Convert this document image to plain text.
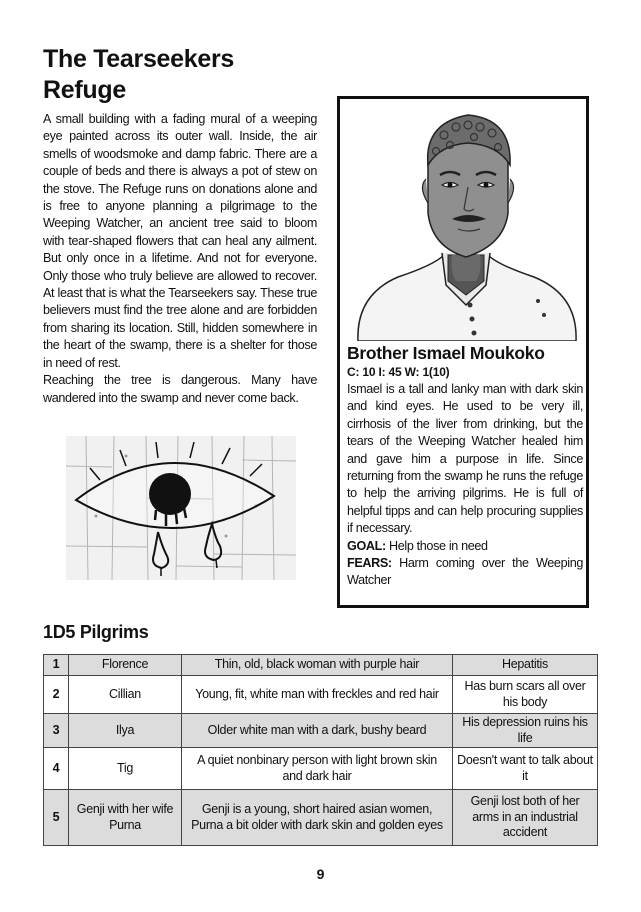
The Tearseekers
Refuge

A small building with a fading mural of a weeping eye painted across its outer wall. Inside, the air smells of woodsmoke and damp fabric. There are a couple of beds and there is always a pot of stew on the stove. The Refuge runs on donations alone and is free to anyone planning a pilgrimage to the Weeping Watcher, an ancient tree said to bloom with tear-shaped flowers that can heal any ailment. But only once in a lifetime. And not for everyone. Only those who truly believe are allowed to recover. At least that is what the Tearseekers say. These true believers must find the tree alone and are forbidden from sharing its location. Still, hidden somewhere in the heart of the swamp, there is a shelter for those in need of rest.

Reaching the tree is dangerous. Many have wandered into the swamp and never come back.

Brother Ismael Moukoko
C: 10 I: 45 W: 1(10)

Ismael is a tall and lanky man with dark skin and kind eyes. He used to be very ill, cirrhosis of the liver from drinking, but the tears of the Weeping Watcher healed him and gave him a purpose in life. Since returning from the swamp he runs the refuge to help the arriving pilgrims. He is full of helpful tipps and can help procuring supplies if necessary.

GOAL: Help those in need

FEARS: Harm coming over the Weeping Watcher

1D5 Pilgrims
1	Florence	Thin, old, black woman with purple hair	Hepatitis
2	Cillian	Young, fit, white man with freckles and red hair	Has burn scars all over his body
3	Ilya	Older white man with a dark, bushy beard	His depression ruins his life
4	Tig	A quiet nonbinary person with light brown skin and dark hair	Doesn't want to talk about it
5	Genji with her wife Purna	Genji is a young, short haired asian women, Purna a bit older with dark skin and golden eyes	Genji lost both of her arms in an industrial accident
9
